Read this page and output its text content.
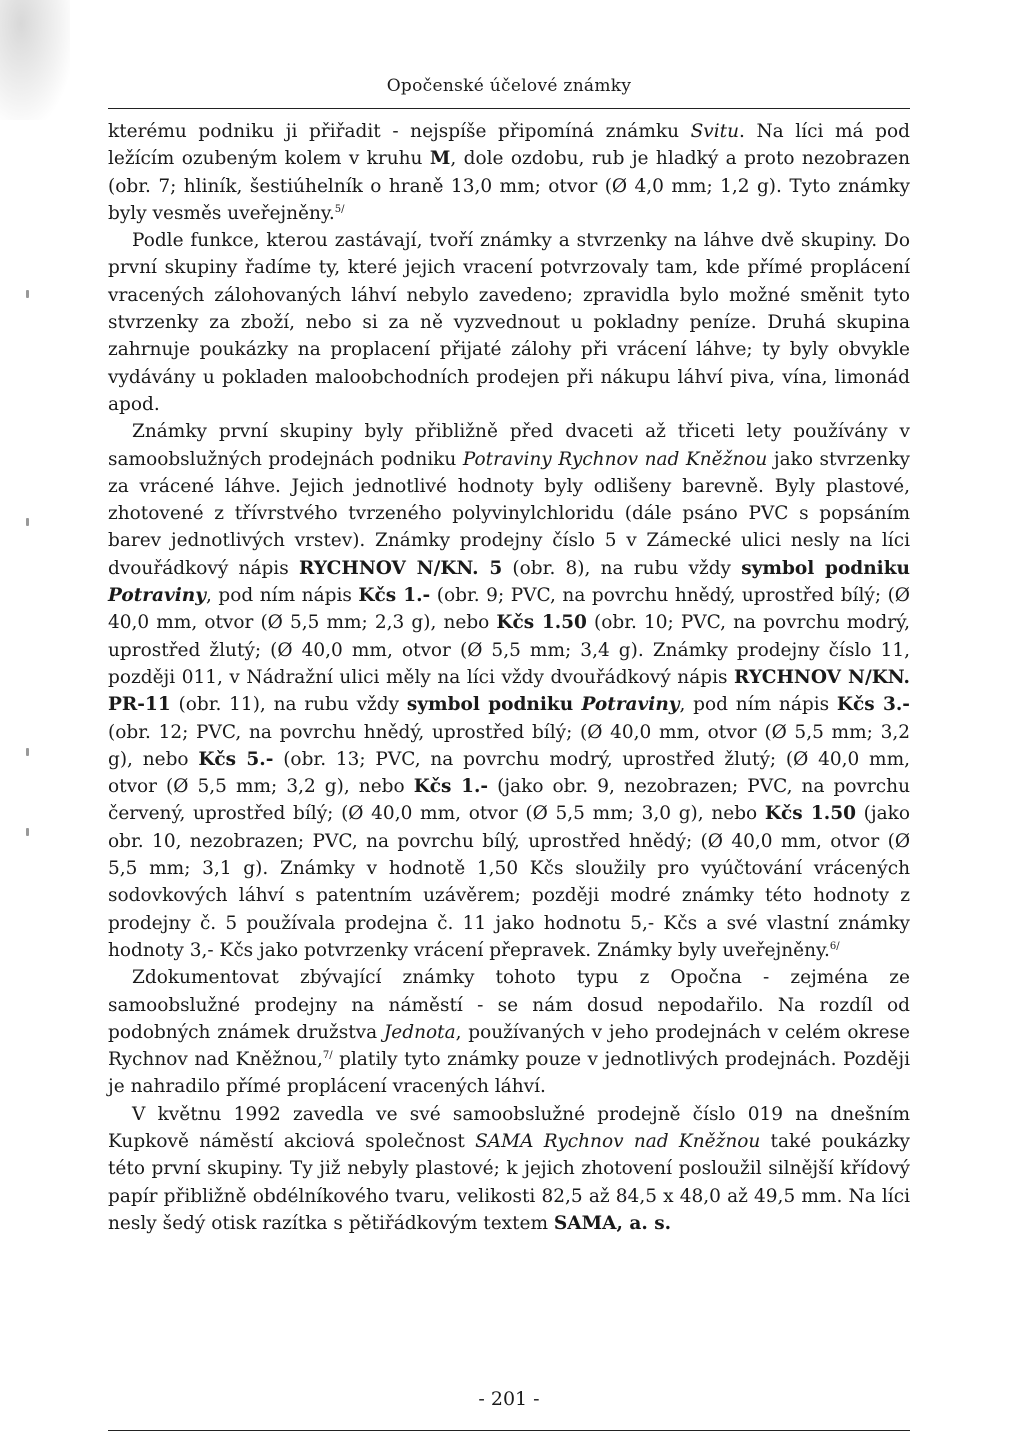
Opočenské účelové známky

kterému podniku ji přiřadit - nejspíše připomíná známku Svitu. Na líci má pod ležícím ozubeným kolem v kruhu M, dole ozdobu, rub je hladký a proto nezobrazen (obr. 7; hliník, šestiúhelník o hraně 13,0 mm; otvor (Ø 4,0 mm; 1,2 g). Tyto známky byly vesměs uveřejněny.$^{5/}$

Podle funkce, kterou zastávají, tvoří známky a stvrzenky na láhve dvě skupiny. Do první skupiny řadíme ty, které jejich vracení potvrzovaly tam, kde přímé proplácení vracených zálohovaných láhví nebylo zavedeno; zpravidla bylo možné směnit tyto stvrzenky za zboží, nebo si za ně vyzvednout u pokladny peníze. Druhá skupina zahrnuje poukázky na proplacení přijaté zálohy při vrácení láhve; ty byly obvykle vydávány u pokladen maloobchodních prodejen při nákupu láhví piva, vína, limonád apod.

Známky první skupiny byly přibližně před dvaceti až třiceti lety používány v samoobslužných prodejnách podniku Potraviny Rychnov nad Kněžnou jako stvrzenky za vrácené láhve. Jejich jednotlivé hodnoty byly odlišeny barevně. Byly plastové, zhotovené z třívrstvého tvrzeného polyvinylchloridu (dále psáno PVC s popsáním barev jednotlivých vrstev). Známky prodejny číslo 5 v Zámecké ulici nesly na líci dvouřádkový nápis RYCHNOV N/KN. 5 (obr. 8), na rubu vždy symbol podniku Potraviny, pod ním nápis Kčs 1.- (obr. 9; PVC, na povrchu hnědý, uprostřed bílý; (Ø 40,0 mm, otvor (Ø 5,5 mm; 2,3 g), nebo Kčs 1.50 (obr. 10; PVC, na povrchu modrý, uprostřed žlutý; (Ø 40,0 mm, otvor (Ø 5,5 mm; 3,4 g). Známky prodejny číslo 11, později 011, v Nádražní ulici měly na líci vždy dvouřádkový nápis RYCHNOV N/KN. PR-11 (obr. 11), na rubu vždy symbol podniku Potraviny, pod ním nápis Kčs 3.- (obr. 12; PVC, na povrchu hnědý, uprostřed bílý; (Ø 40,0 mm, otvor (Ø 5,5 mm; 3,2 g), nebo Kčs 5.- (obr. 13; PVC, na povrchu modrý, uprostřed žlutý; (Ø 40,0 mm, otvor (Ø 5,5 mm; 3,2 g), nebo Kčs 1.- (jako obr. 9, nezobrazen; PVC, na povrchu červený, uprostřed bílý; (Ø 40,0 mm, otvor (Ø 5,5 mm; 3,0 g), nebo Kčs 1.50 (jako obr. 10, nezobrazen; PVC, na povrchu bílý, uprostřed hnědý; (Ø 40,0 mm, otvor (Ø 5,5 mm; 3,1 g). Známky v hodnotě 1,50 Kčs sloužily pro vyúčtování vrácených sodovkových láhví s patentním uzávěrem; později modré známky této hodnoty z prodejny č. 5 používala prodejna č. 11 jako hodnotu 5,- Kčs a své vlastní známky hodnoty 3,- Kčs jako potvrzenky vrácení přepravek. Známky byly uveřejněny.$^{6/}$

Zdokumentovat zbývající známky tohoto typu z Opočna - zejména ze samoobslužné prodejny na náměstí - se nám dosud nepodařilo. Na rozdíl od podobných známek družstva Jednota, používaných v jeho prodejnách v celém okrese Rychnov nad Kněžnou,$^{7/}$ platily tyto známky pouze v jednotlivých prodejnách. Později je nahradilo přímé proplácení vracených láhví.

V květnu 1992 zavedla ve své samoobslužné prodejně číslo 019 na dnešním Kupkově náměstí akciová společnost SAMA Rychnov nad Kněžnou také poukázky této první skupiny. Ty již nebyly plastové; k jejich zhotovení posloužil silnější křídový papír přibližně obdélníkového tvaru, velikosti 82,5 až 84,5 x 48,0 až 49,5 mm. Na líci nesly šedý otisk razítka s pětiřádkovým textem SAMA, a. s.

- 201 -
